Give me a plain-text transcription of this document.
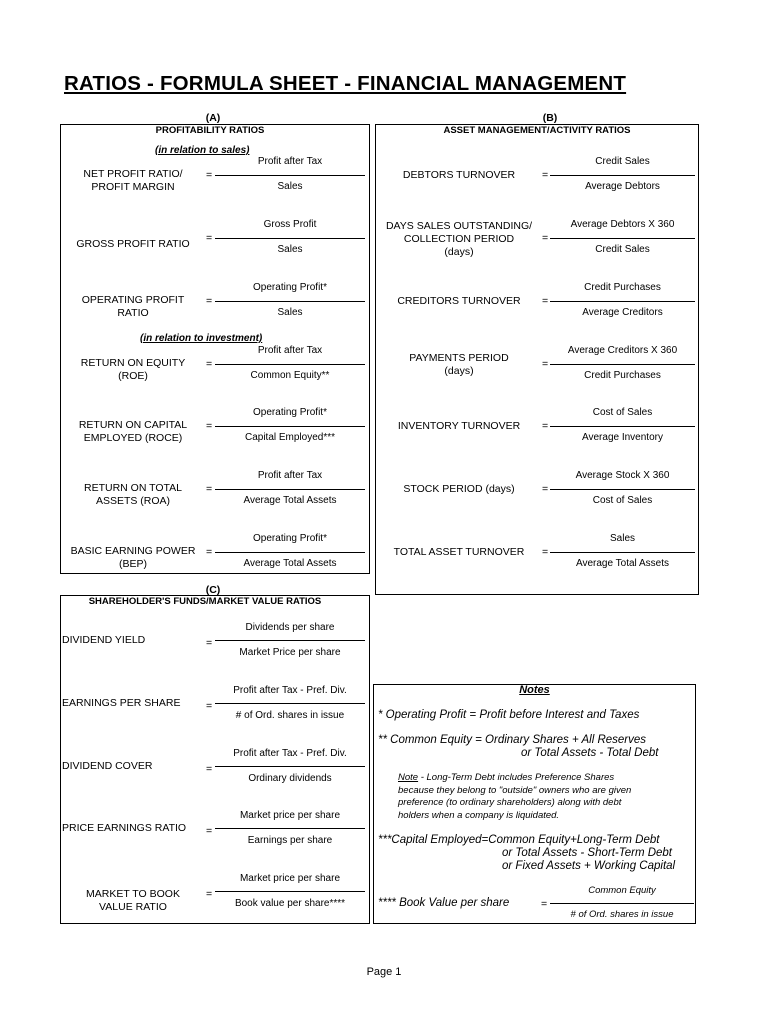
RATIOS - FORMULA SHEET - FINANCIAL MANAGEMENT
(A)	(B)
(C)
PROFITABILITY RATIOS
(in relation to sales)
(in relation to investment)
NET PROFIT RATIO/
PROFIT MARGIN
=
Profit after Tax
Sales
GROSS PROFIT RATIO	=
Gross Profit
Sales
OPERATING PROFIT
RATIO
=
Operating Profit*
Sales
RETURN ON EQUITY
(ROE)
=
Profit after Tax
Common Equity**
RETURN ON CAPITAL
EMPLOYED (ROCE)
=
Operating Profit*
Capital Employed***
RETURN ON TOTAL
ASSETS (ROA)
=
Profit after Tax
Average Total Assets
BASIC EARNING POWER
(BEP)
=
Operating Profit*
Average Total Assets
ASSET MANAGEMENT/ACTIVITY RATIOS
DEBTORS TURNOVER	=
Credit Sales
Average Debtors
DAYS SALES OUTSTANDING/
COLLECTION PERIOD
(days)
=
Average Debtors X 360
Credit Sales
CREDITORS TURNOVER	=
Credit Purchases
Average Creditors
PAYMENTS PERIOD
(days)
=
Average Creditors X 360
Credit Purchases
INVENTORY TURNOVER	=
Cost of Sales
Average Inventory
STOCK PERIOD (days)	=
Average Stock X 360
Cost of Sales
TOTAL ASSET TURNOVER	=
Sales
Average Total Assets
SHAREHOLDER'S FUNDS/MARKET VALUE RATIOS
DIVIDEND YIELD	=
Dividends per share
Market Price per share
EARNINGS PER SHARE =
Profit after Tax - Pref. Div.
# of Ord. shares in issue
DIVIDEND COVER	=
Profit after Tax - Pref. Div.
Ordinary dividends
PRICE EARNINGS RATIO =
Market price per share
Earnings per share
MARKET TO BOOK
VALUE RATIO
=
Market price per share
Book value per share****
Notes
* Operating Profit = Profit before Interest and Taxes
** Common Equity = Ordinary Shares + All Reserves
or Total Assets - Total Debt
Note - Long-Term Debt includes Preference Shares
because they belong to "outside" owners who are given
preference (to ordinary shareholders) along with debt
holders when a company is liquidated.
***Capital Employed=Common Equity+Long-Term Debt
or Total Assets - Short-Term Debt
or Fixed Assets + Working Capital
**** Book Value per share	=
Common Equity
# of Ord. shares in issue
Page 1
